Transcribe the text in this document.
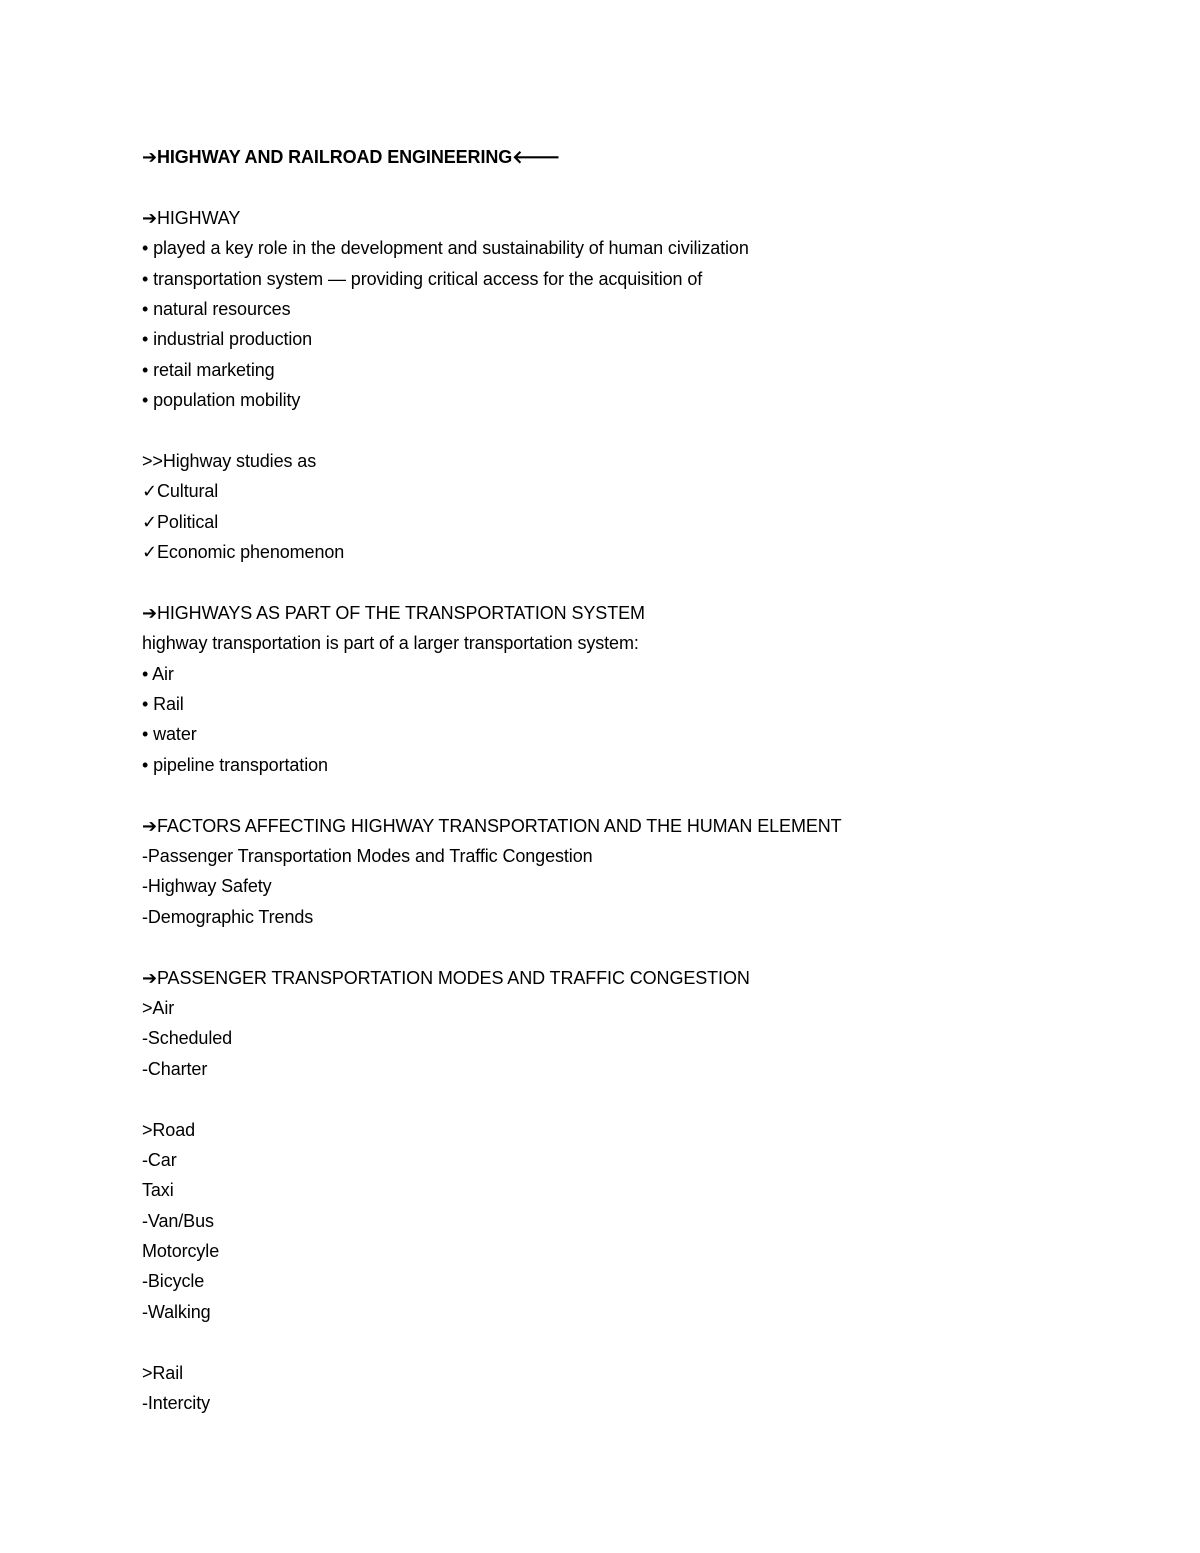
➔HIGHWAY AND RAILROAD ENGINEERING🡐
➔HIGHWAY
• played a key role in the development and sustainability of human civilization
• transportation system — providing critical access for the acquisition of
• natural resources
• industrial production
• retail marketing
• population mobility
>>Highway studies as
✓Cultural
✓Political
✓Economic phenomenon
➔HIGHWAYS AS PART OF THE TRANSPORTATION SYSTEM
highway transportation is part of a larger transportation system:
• Air
• Rail
• water
• pipeline transportation
➔FACTORS AFFECTING HIGHWAY TRANSPORTATION AND THE HUMAN ELEMENT
-Passenger Transportation Modes and Traffic Congestion
-Highway Safety
-Demographic Trends
➔PASSENGER TRANSPORTATION MODES AND TRAFFIC CONGESTION
>Air
-Scheduled
-Charter
>Road
-Car
Taxi
-Van/Bus
Motorcyle
-Bicycle
-Walking
>Rail
-Intercity
